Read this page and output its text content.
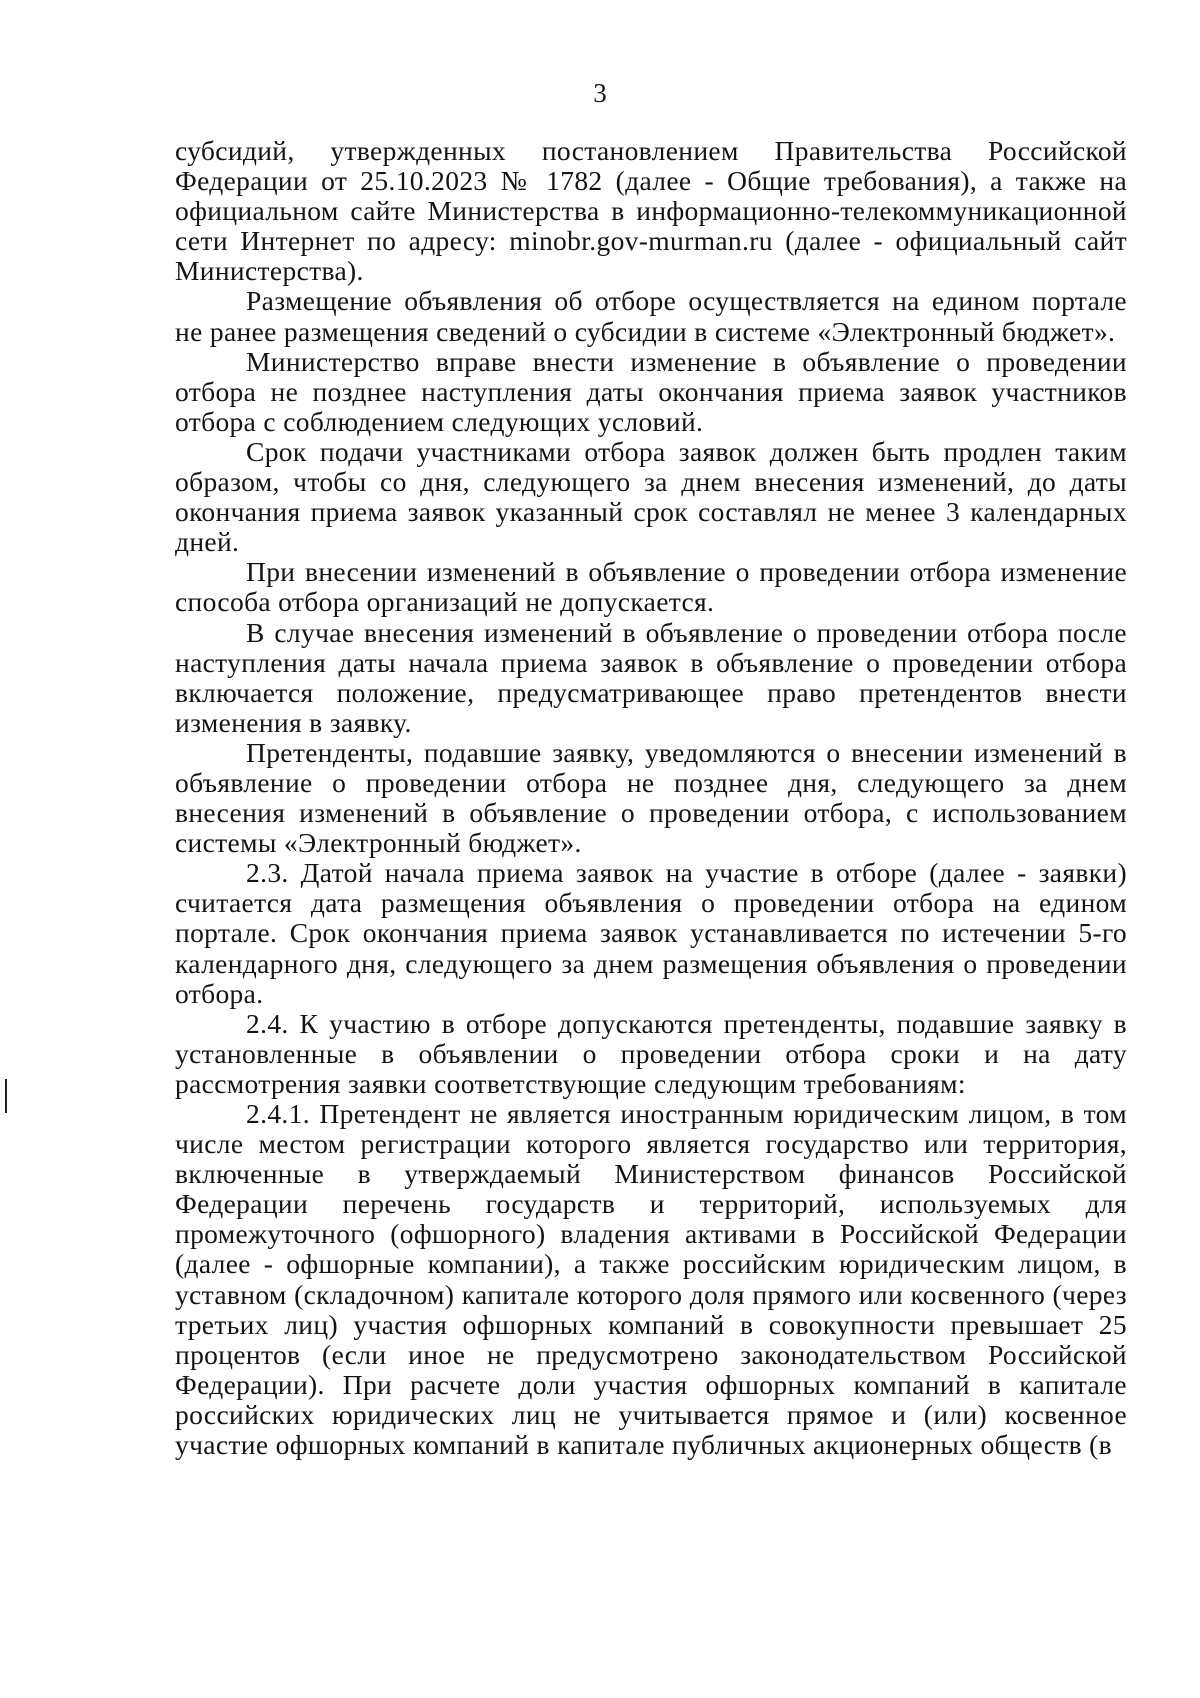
3

субсидий, утвержденных постановлением Правительства Российской Федерации от 25.10.2023 № 1782 (далее - Общие требования), а также на официальном сайте Министерства в информационно-телекоммуникационной сети Интернет по адресу: minobr.gov-murman.ru (далее - официальный сайт Министерства).

Размещение объявления об отборе осуществляется на едином портале не ранее размещения сведений о субсидии в системе «Электронный бюджет».

Министерство вправе внести изменение в объявление о проведении отбора не позднее наступления даты окончания приема заявок участников отбора с соблюдением следующих условий.

Срок подачи участниками отбора заявок должен быть продлен таким образом, чтобы со дня, следующего за днем внесения изменений, до даты окончания приема заявок указанный срок составлял не менее 3 календарных дней.

При внесении изменений в объявление о проведении отбора изменение способа отбора организаций не допускается.

В случае внесения изменений в объявление о проведении отбора после наступления даты начала приема заявок в объявление о проведении отбора включается положение, предусматривающее право претендентов внести изменения в заявку.

Претенденты, подавшие заявку, уведомляются о внесении изменений в объявление о проведении отбора не позднее дня, следующего за днем внесения изменений в объявление о проведении отбора, с использованием системы «Электронный бюджет».

2.3. Датой начала приема заявок на участие в отборе (далее - заявки) считается дата размещения объявления о проведении отбора на едином портале. Срок окончания приема заявок устанавливается по истечении 5-го календарного дня, следующего за днем размещения объявления о проведении отбора.

2.4. К участию в отборе допускаются претенденты, подавшие заявку в установленные в объявлении о проведении отбора сроки и на дату рассмотрения заявки соответствующие следующим требованиям:

2.4.1. Претендент не является иностранным юридическим лицом, в том числе местом регистрации которого является государство или территория, включенные в утверждаемый Министерством финансов Российской Федерации перечень государств и территорий, используемых для промежуточного (офшорного) владения активами в Российской Федерации (далее - офшорные компании), а также российским юридическим лицом, в уставном (складочном) капитале которого доля прямого или косвенного (через третьих лиц) участия офшорных компаний в совокупности превышает 25 процентов (если иное не предусмотрено законодательством Российской Федерации). При расчете доли участия офшорных компаний в капитале российских юридических лиц не учитывается прямое и (или) косвенное участие офшорных компаний в капитале публичных акционерных обществ (в
